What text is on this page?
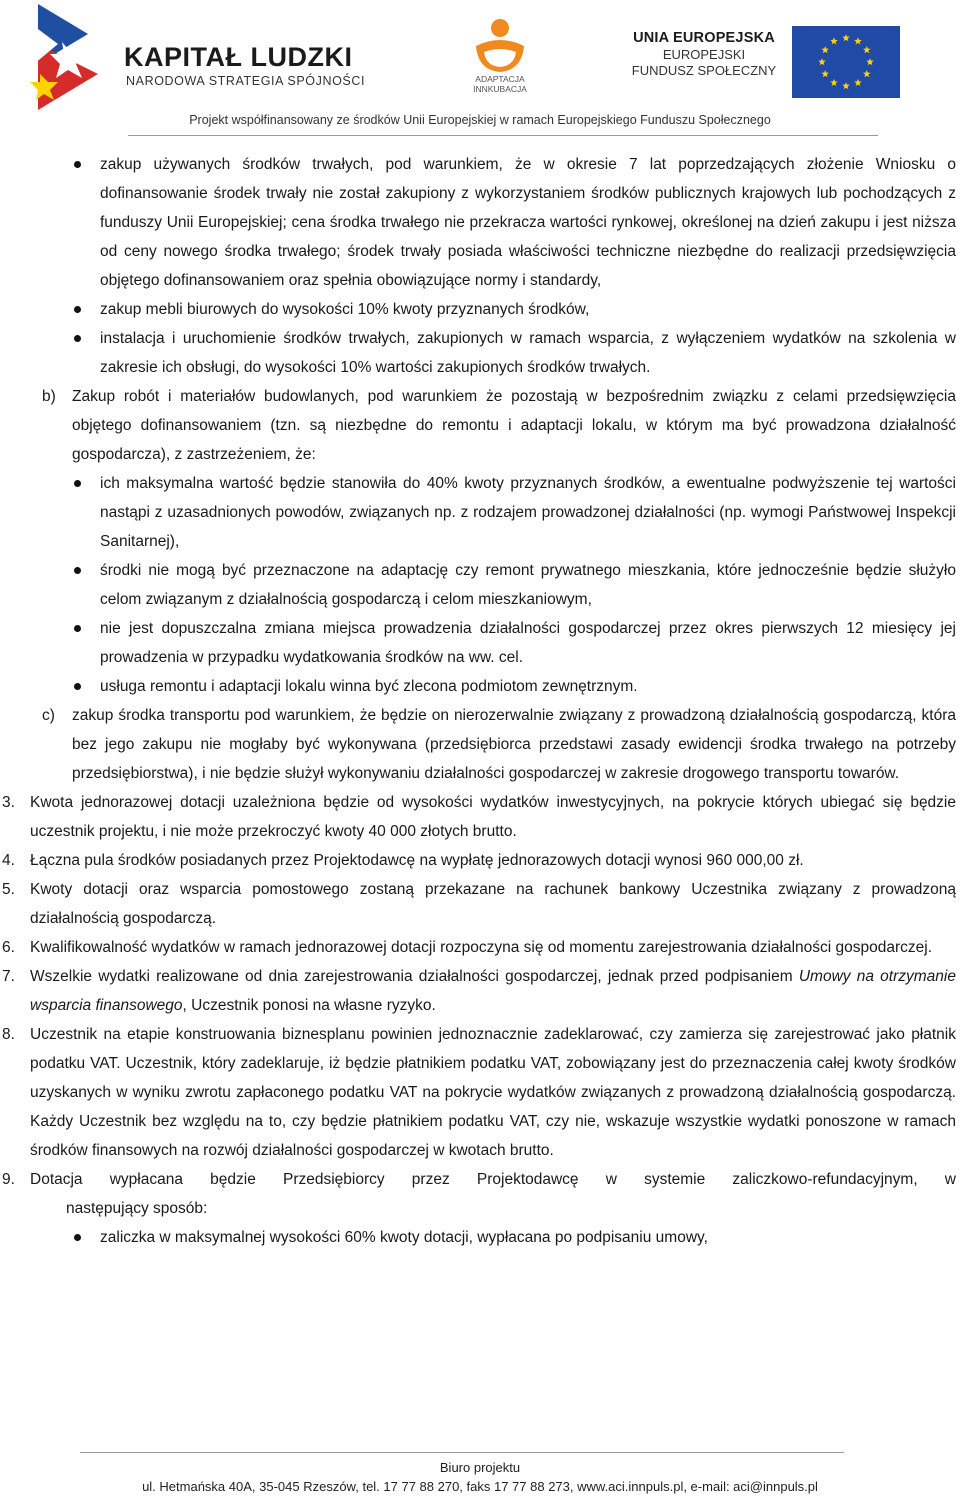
KAPITAŁ LUDZKI
NARODOWA STRATEGIA SPÓJNOŚCI	ADAPTACJA
INNKUBACJA
UNIA EUROPEJSKA
EUROPEJSKI
FUNDUSZ SPOŁECZNY
Projekt współfinansowany ze środków Unii Europejskiej w ramach Europejskiego Funduszu Społecznego
zakup używanych środków trwałych, pod warunkiem, że w okresie 7 lat poprzedzających złożenie Wniosku o dofinansowanie środek trwały nie został zakupiony z wykorzystaniem środków publicznych krajowych lub pochodzących z funduszy Unii Europejskiej; cena środka trwałego nie przekracza wartości rynkowej, określonej na dzień zakupu i jest niższa od ceny nowego środka trwałego; środek trwały posiada właściwości techniczne niezbędne do realizacji przedsięwzięcia objętego dofinansowaniem oraz spełnia obowiązujące normy i standardy,
zakup mebli biurowych do wysokości 10% kwoty przyznanych środków,
instalacja i uruchomienie środków trwałych, zakupionych w ramach wsparcia, z wyłączeniem wydatków na szkolenia w zakresie ich obsługi, do wysokości 10% wartości zakupionych środków trwałych.
b) Zakup robót i materiałów budowlanych, pod warunkiem że pozostają w bezpośrednim związku z celami przedsięwzięcia objętego dofinansowaniem (tzn. są niezbędne do remontu i adaptacji lokalu, w którym ma być prowadzona działalność gospodarcza), z zastrzeżeniem, że:
ich maksymalna wartość będzie stanowiła do 40% kwoty przyznanych środków, a ewentualne podwyższenie tej wartości nastąpi z uzasadnionych powodów, związanych np. z rodzajem prowadzonej działalności (np. wymogi Państwowej Inspekcji Sanitarnej),
środki nie mogą być przeznaczone na adaptację czy remont prywatnego mieszkania, które jednocześnie będzie służyło celom związanym z działalnością gospodarczą i celom mieszkaniowym,
nie jest dopuszczalna zmiana miejsca prowadzenia działalności gospodarczej przez okres pierwszych 12 miesięcy jej prowadzenia w przypadku wydatkowania środków na ww. cel.
usługa remontu i adaptacji lokalu winna być zlecona podmiotom zewnętrznym.
c) zakup środka transportu pod warunkiem, że będzie on nierozerwalnie związany z prowadzoną działalnością gospodarczą, która bez jego zakupu nie mogłaby być wykonywana (przedsiębiorca przedstawi zasady ewidencji środka trwałego na potrzeby przedsiębiorstwa), i nie będzie służył wykonywaniu działalności gospodarczej w zakresie drogowego transportu towarów.
3. Kwota jednorazowej dotacji uzależniona będzie od wysokości wydatków inwestycyjnych, na pokrycie których ubiegać się będzie uczestnik projektu, i nie może przekroczyć kwoty 40 000 złotych brutto.
4. Łączna pula środków posiadanych przez Projektodawcę na wypłatę jednorazowych dotacji wynosi 960 000,00 zł.
5. Kwoty dotacji oraz wsparcia pomostowego zostaną przekazane na rachunek bankowy Uczestnika związany z prowadzoną działalnością gospodarczą.
6. Kwalifikowalność wydatków w ramach jednorazowej dotacji rozpoczyna się od momentu zarejestrowania działalności gospodarczej.
7. Wszelkie wydatki realizowane od dnia zarejestrowania działalności gospodarczej, jednak przed podpisaniem Umowy na otrzymanie wsparcia finansowego, Uczestnik ponosi na własne ryzyko.
8. Uczestnik na etapie konstruowania biznesplanu powinien jednoznacznie zadeklarować, czy zamierza się zarejestrować jako płatnik podatku VAT. Uczestnik, który zadeklaruje, iż będzie płatnikiem podatku VAT, zobowiązany jest do przeznaczenia całej kwoty środków uzyskanych w wyniku zwrotu zapłaconego podatku VAT na pokrycie wydatków związanych z prowadzoną działalnością gospodarczą. Każdy Uczestnik bez względu na to, czy będzie płatnikiem podatku VAT, czy nie, wskazuje wszystkie wydatki ponoszone w ramach środków finansowych na rozwój działalności gospodarczej w kwotach brutto.
9. Dotacja wypłacana będzie Przedsiębiorcy przez Projektodawcę w systemie zaliczkowo-refundacyjnym, w
następujący sposób:
zaliczka w maksymalnej wysokości 60% kwoty dotacji, wypłacana po podpisaniu umowy,
Biuro projektu
ul. Hetmańska 40A, 35-045 Rzeszów, tel. 17 77 88 270, faks 17 77 88 273, www.aci.innpuls.pl, e-mail: aci@innpuls.pl
